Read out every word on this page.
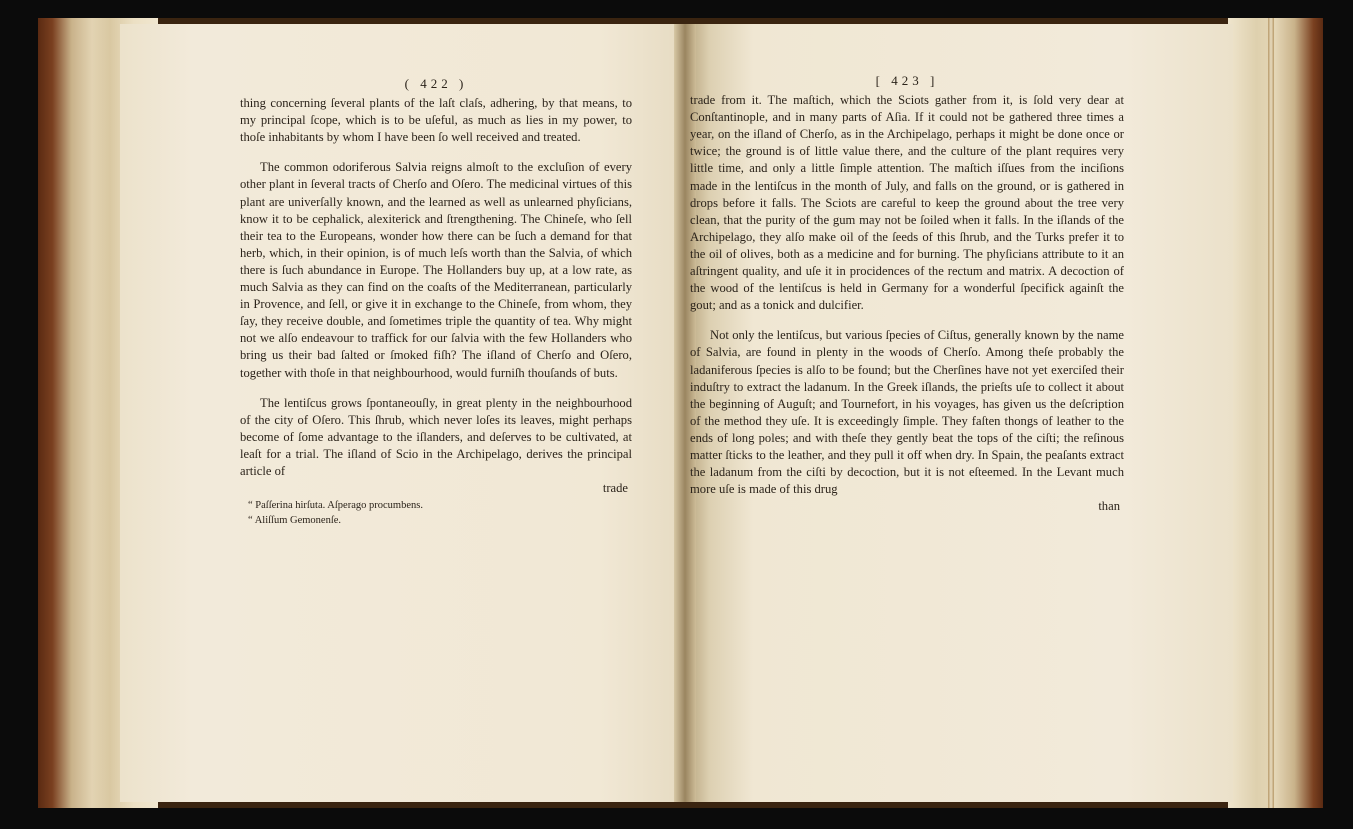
( 422 )

thing concerning ſeveral plants of the laſt claſs, adhering, by that means, to my principal ſcope, which is to be uſeful, as much as lies in my power, to thoſe inhabitants by whom I have been ſo well received and treated.

The common odoriferous Salvia reigns almoſt to the excluſion of every other plant in ſeveral tracts of Cherſo and Oſero. The medicinal virtues of this plant are univerſally known, and the learned as well as unlearned phyſicians, know it to be cephalick, alexiterick and ſtrengthening. The Chineſe, who ſell their tea to the Europeans, wonder how there can be ſuch a demand for that herb, which, in their opinion, is of much leſs worth than the Salvia, of which there is ſuch abundance in Europe. The Hollanders buy up, at a low rate, as much Salvia as they can find on the coaſts of the Mediterranean, particularly in Provence, and ſell, or give it in exchange to the Chineſe, from whom, they ſay, they receive double, and ſometimes triple the quantity of tea. Why might not we alſo endeavour to traffick for our ſalvia with the few Hollanders who bring us their bad ſalted or ſmoked fiſh? The iſland of Cherſo and Oſero, together with thoſe in that neighbourhood, would furniſh thouſands of buts.

The lentiſcus grows ſpontaneouſly, in great plenty in the neighbourhood of the city of Oſero. This ſhrub, which never loſes its leaves, might perhaps become of ſome advantage to the iſlanders, and deſerves to be cultivated, at leaſt for a trial. The iſland of Scio in the Archipelago, derives the principal article of

trade
“ Paſſerina hirſuta. Aſperago procumbens.
“ Aliſſum Gemonenſe.
[ 423 ]

trade from it. The maſtich, which the Sciots gather from it, is ſold very dear at Conſtantinople, and in many parts of Aſia. If it could not be gathered three times a year, on the iſland of Cherſo, as in the Archipelago, perhaps it might be done once or twice; the ground is of little value there, and the culture of the plant requires very little time, and only a little ſimple attention. The maſtich iſſues from the inciſions made in the lentiſcus in the month of July, and falls on the ground, or is gathered in drops before it falls. The Sciots are careful to keep the ground about the tree very clean, that the purity of the gum may not be ſoiled when it falls. In the iſlands of the Archipelago, they alſo make oil of the ſeeds of this ſhrub, and the Turks prefer it to the oil of olives, both as a medicine and for burning. The phyſicians attribute to it an aſtringent quality, and uſe it in procidences of the rectum and matrix. A decoction of the wood of the lentiſcus is held in Germany for a wonderful ſpecifick againſt the gout; and as a tonick and dulcifier.

Not only the lentiſcus, but various ſpecies of Ciſtus, generally known by the name of Salvia, are found in plenty in the woods of Cherſo. Among theſe probably the ladaniferous ſpecies is alſo to be found; but the Cherſines have not yet exerciſed their induſtry to extract the ladanum. In the Greek iſlands, the prieſts uſe to collect it about the beginning of Auguſt; and Tournefort, in his voyages, has given us the deſcription of the method they uſe. It is exceedingly ſimple. They faſten thongs of leather to the ends of long poles; and with theſe they gently beat the tops of the ciſti; the reſinous matter ſticks to the leather, and they pull it off when dry. In Spain, the peaſants extract the ladanum from the ciſti by decoction, but it is not eſteemed. In the Levant much more uſe is made of this drug

than
